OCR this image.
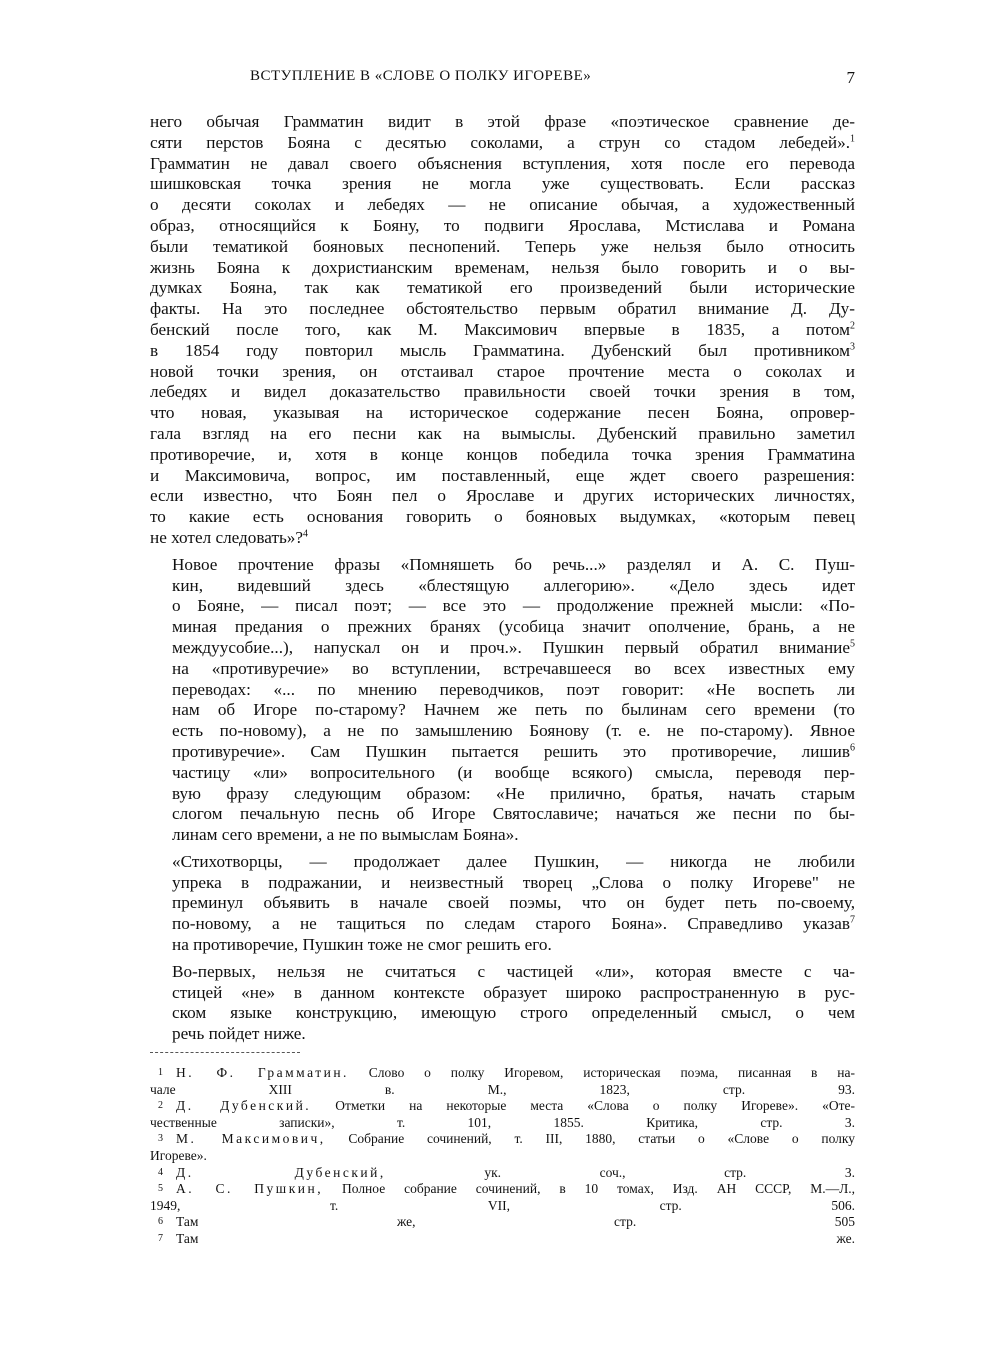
ВСТУПЛЕНИЕ В «СЛОВЕ О ПОЛКУ ИГОРЕВЕ»	7

него обычая Грамматин видит в этой фразе «поэтическое сравнение де-
сяти перстов Бояна с десятью соколами, а струн со стадом лебедей».$^1$
Грамматин не давал своего объяснения вступления, хотя после его перевода
шишковская точка зрения не могла уже существовать. Если рассказ
о десяти соколах и лебедях — не описание обычая, а художественный
образ, относящийся к Бояну, то подвиги Ярослава, Мстислава и Романа
были тематикой бояновых песнопений. Теперь уже нельзя было относить
жизнь Бояна к дохристианским временам, нельзя было говорить и о вы-
думках Бояна, так как тематикой его произведений были исторические
факты. На это последнее обстоятельство первым обратил внимание Д. Ду-
бенский после того, как М. Максимович впервые в 1835, а потом$^2$
в 1854 году повторил мысль Грамматина. Дубенский был противником$^3$
новой точки зрения, он отстаивал старое прочтение места о соколах и
лебедях и видел доказательство правильности своей точки зрения в том,
что новая, указывая на историческое содержание песен Бояна, опровер-
гала взгляд на его песни как на вымыслы. Дубенский правильно заметил
противоречие, и, хотя в конце концов победила точка зрения Грамматина
и Максимовича, вопрос, им поставленный, еще ждет своего разрешения:
если известно, что Боян пел о Ярославе и других исторических личностях,
то какие есть основания говорить о бояновых выдумках, «которым певец
не хотел следовать»?$^4$

Новое прочтение фразы «Помняшеть бо речь...» разделял и А. С. Пуш-
кин, видевший здесь «блестящую аллегорию». «Дело здесь идет
о Бояне, — писал поэт; — все это — продолжение прежней мысли: «По-
миная предания о прежних бранях (усобица значит ополчение, брань, а не
междуусобие...), напускал он и проч.». Пушкин первый обратил внимание$^5$
на «противуречие» во вступлении, встречавшееся во всех известных ему
переводах: «... по мнению переводчиков, поэт говорит: «Не воспеть ли
нам об Игоре по-старому? Начнем же петь по былинам сего времени (то
есть по-новому), а не по замышлению Боянову (т. е. не по-старому). Явное
противуречие». Сам Пушкин пытается решить это противоречие, лишив$^6$
частицу «ли» вопросительного (и вообще всякого) смысла, переводя пер-
вую фразу следующим образом: «Не прилично, братья, начать старым
слогом печальную песнь об Игоре Святославиче; начаться же песни по бы-
линам сего времени, а не по вымыслам Бояна».

«Стихотворцы, — продолжает далее Пушкин, — никогда не любили
упрека в подражании, и неизвестный творец „Слова о полку Игореве" не
преминул объявить в начале своей поэмы, что он будет петь по-своему,
по-новому, а не тащиться по следам старого Бояна». Справедливо указав$^7$
на противоречие, Пушкин тоже не смог решить его.

Во-первых, нельзя не считаться с частицей «ли», которая вместе с ча-
стицей «не» в данном контексте образует широко распространенную в рус-
ском языке конструкцию, имеющую строго определенный смысл, о чем
речь пойдет ниже.

1 Н. Ф. Грамматин. Слово о полку Игоревом, историческая поэма, писанная в на-
чале XIII в. М., 1823, стр. 93.

2 Д. Дубенский. Отметки на некоторые места «Слова о полку Игореве». «Оте-
чественные записки», т. 101, 1855. Критика, стр. 3.

3 М. Максимович, Собрание сочинений, т. III, 1880, статьи о «Слове о полку
Игореве».

4 Д. Дубенский, ук. соч., стр. 3.

5 А. С. Пушкин, Полное собрание сочинений, в 10 томах, Изд. АН СССР, М.—Л.,
1949, т. VII, стр. 506.

6 Там же, стр. 505

7 Там же.
